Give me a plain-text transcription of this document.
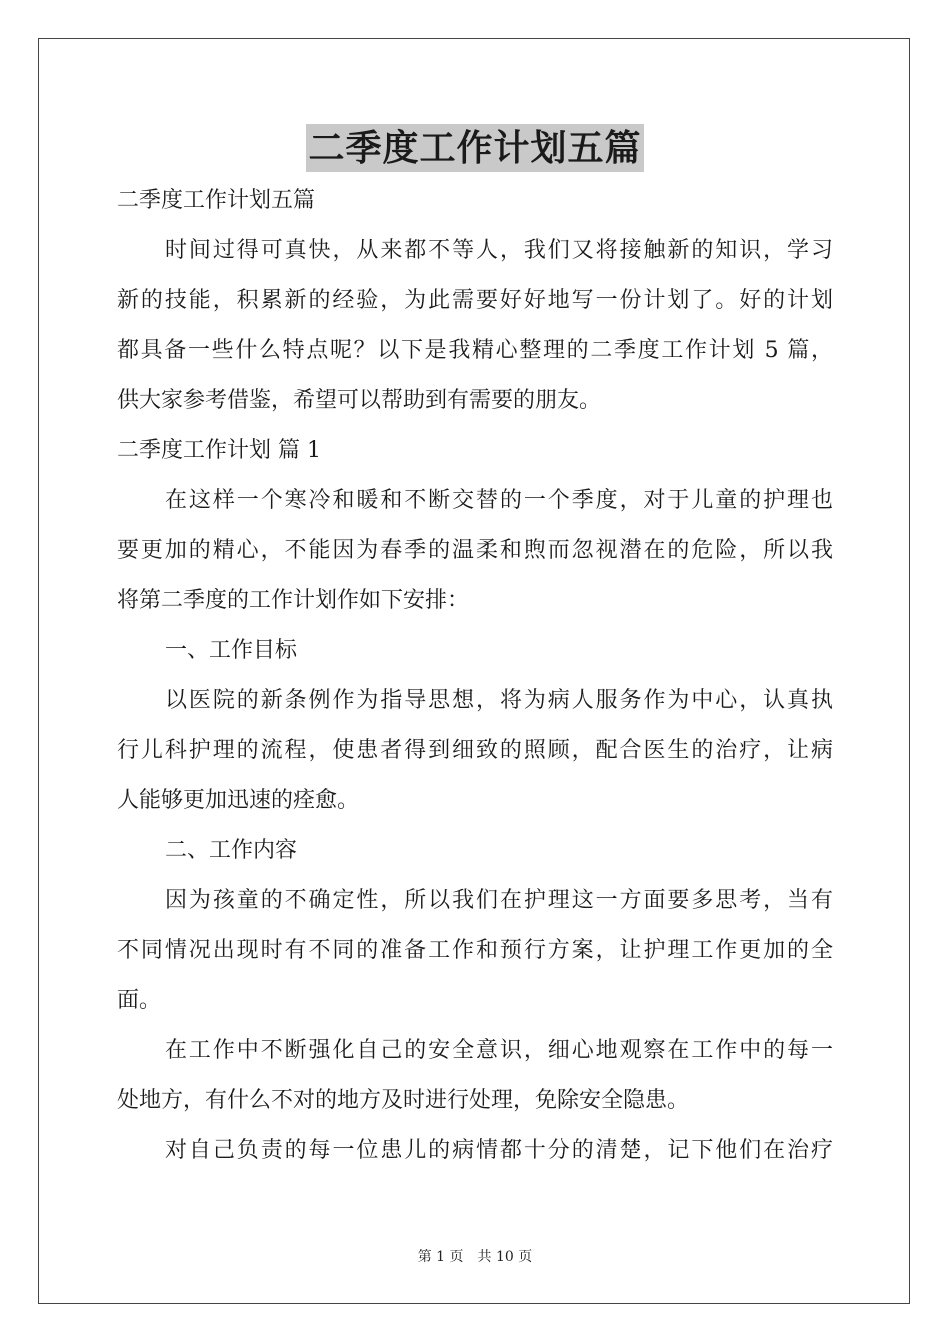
二季度工作计划五篇
二季度工作计划五篇
时间过得可真快，从来都不等人，我们又将接触新的知识，学习
新的技能，积累新的经验，为此需要好好地写一份计划了。好的计划
都具备一些什么特点呢？以下是我精心整理的二季度工作计划 5 篇，
供大家参考借鉴，希望可以帮助到有需要的朋友。
二季度工作计划 篇 1
在这样一个寒冷和暖和不断交替的一个季度，对于儿童的护理也
要更加的精心，不能因为春季的温柔和煦而忽视潜在的危险，所以我
将第二季度的工作计划作如下安排：
一、工作目标
以医院的新条例作为指导思想，将为病人服务作为中心，认真执
行儿科护理的流程，使患者得到细致的照顾，配合医生的治疗，让病
人能够更加迅速的痊愈。
二、工作内容
因为孩童的不确定性，所以我们在护理这一方面要多思考，当有
不同情况出现时有不同的准备工作和预行方案，让护理工作更加的全
面。
在工作中不断强化自己的安全意识，细心地观察在工作中的每一
处地方，有什么不对的地方及时进行处理，免除安全隐患。
对自己负责的每一位患儿的病情都十分的清楚，记下他们在治疗
第 1 页 共 10 页
